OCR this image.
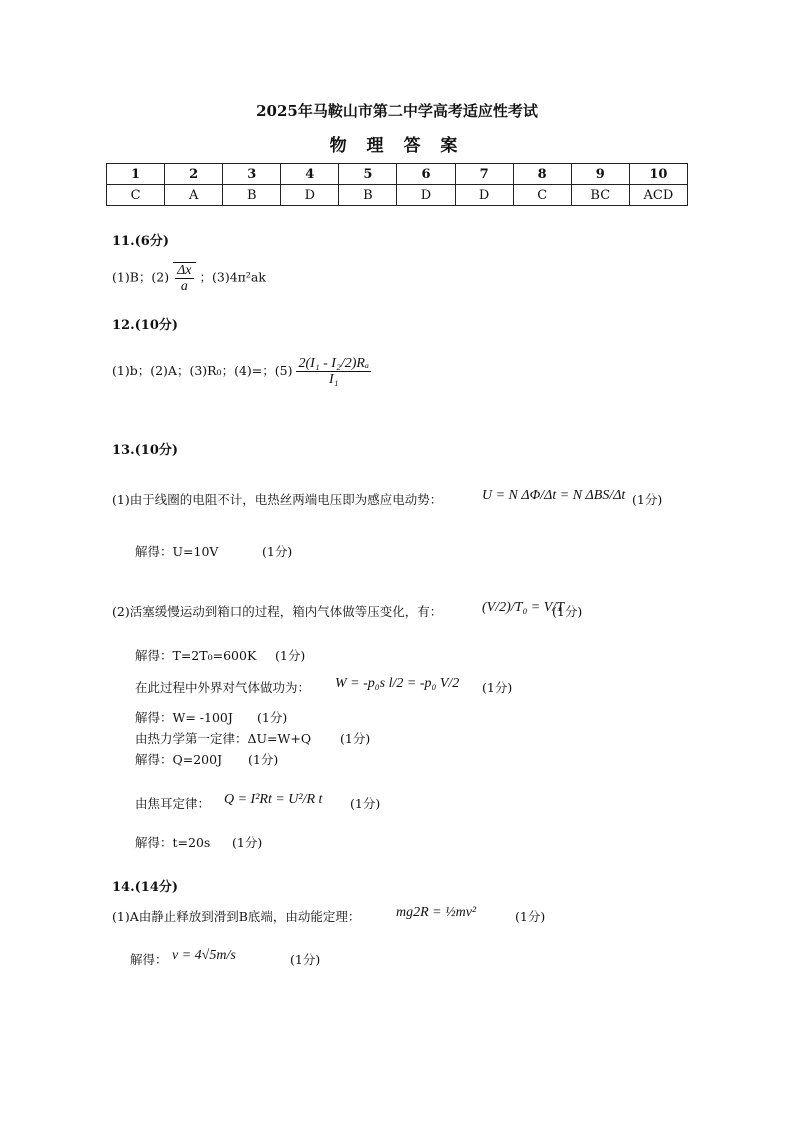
2025年马鞍山市第二中学高考适应性考试
物 理 答 案
1	2	3	4	5	6	7	8	9	10
C	A	B	D	B	D	D	C	BC	ACD
11.(6分)
(1)B；$(2) \frac{\Delta x}{a}$ ；(3)4π²ak
12.(10分)
(1)b；(2)A；(3)R₀；(4)=；$(5) \frac{\text{2(I₁ - I₂/2)Rₐ}}{\text{I₁}}$
13.(10分)
(1)由于线圈的电阻不计，电热丝两端电压即为感应电动势：	U = N ΔΦ/Δt = N ΔBS/Δt (1分)
解得：U=10V	(1分)
(2)活塞缓慢运动到箱口的过程，箱内气体做等压变化，有：	(V/2)/T₀ = V/T
(1分)
解得：T=2T₀=600K (1分)
在此过程中外界对气体做功为： W = -p₀s l/2 = -p₀ V/2 (1分)
解得：W= -100J (1分)
由热力学第一定律：ΔU=W+Q (1分)
解得：Q=200J (1分)
由焦耳定律： Q = I²Rt = U²/R t (1分)
解得：t=20s (1分)
14.(14分)
(1)A由静止释放到滑到B底端，由动能定理：	mg2R = ½mv²	(1分)
解得： v = 4√5m/s	(1分)
